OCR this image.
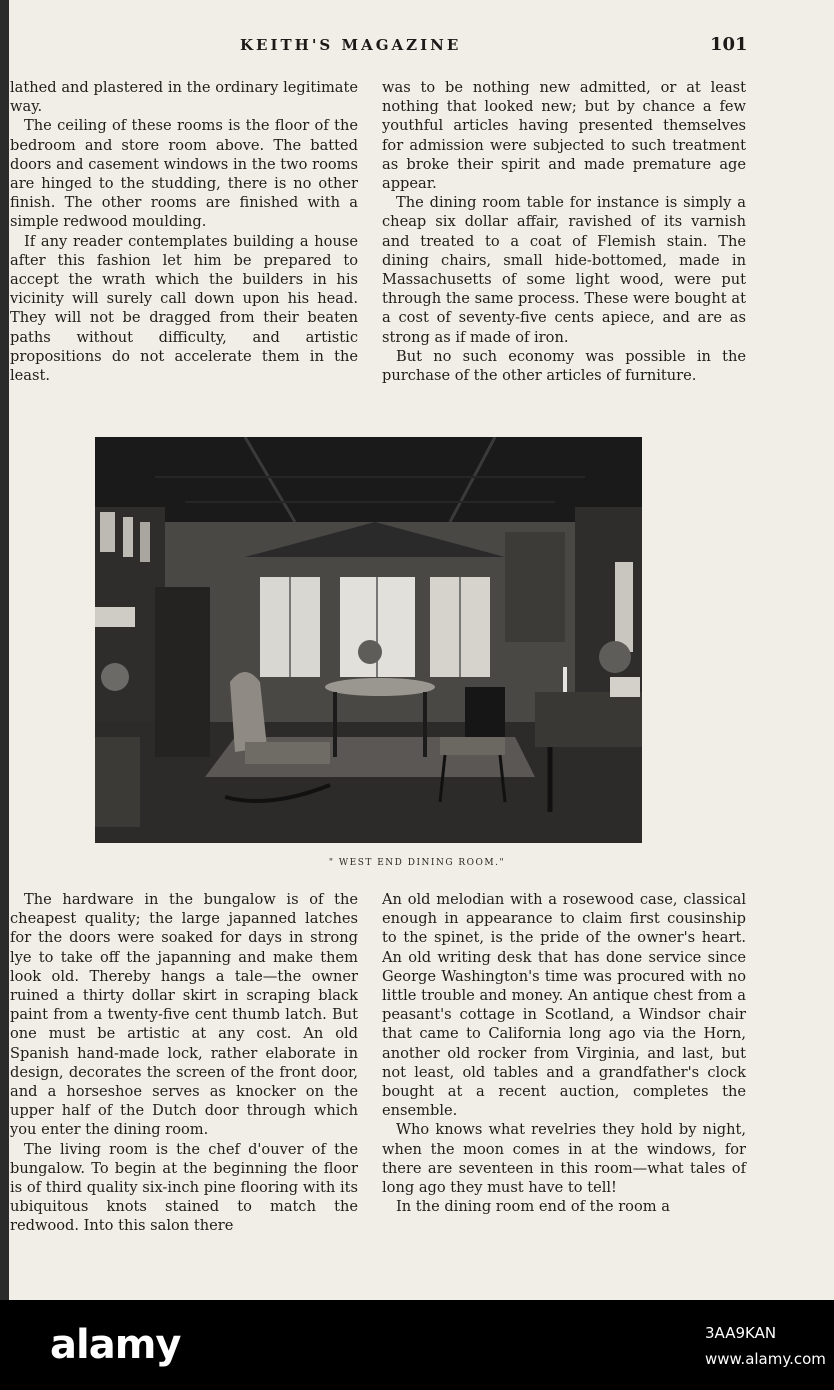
KEITH'S MAGAZINE	101

lathed and plastered in the ordinary legitimate way.

The ceiling of these rooms is the floor of the bedroom and store room above. The batted doors and casement windows in the two rooms are hinged to the studding, there is no other finish. The other rooms are finished with a simple redwood moulding.

If any reader contemplates building a house after this fashion let him be prepared to accept the wrath which the builders in his vicinity will surely call down upon his head. They will not be dragged from their beaten paths without difficulty, and artistic propositions do not accelerate them in the least.

was to be nothing new admitted, or at least nothing that looked new; but by chance a few youthful articles having presented themselves for admission were subjected to such treatment as broke their spirit and made premature age appear.

The dining room table for instance is simply a cheap six dollar affair, ravished of its varnish and treated to a coat of Flemish stain. The dining chairs, small hide-bottomed, made in Massachusetts of some light wood, were put through the same process. These were bought at a cost of seventy-five cents apiece, and are as strong as if made of iron.

But no such economy was possible in the purchase of the other articles of furniture.

" WEST END DINING ROOM."

The hardware in the bungalow is of the cheapest quality; the large japanned latches for the doors were soaked for days in strong lye to take off the japanning and make them look old. Thereby hangs a tale—the owner ruined a thirty dollar skirt in scraping black paint from a twenty-five cent thumb latch. But one must be artistic at any cost. An old Spanish hand-made lock, rather elaborate in design, decorates the screen of the front door, and a horseshoe serves as knocker on the upper half of the Dutch door through which you enter the dining room.

The living room is the chef d'ouver of the bungalow. To begin at the beginning the floor is of third quality six-inch pine flooring with its ubiquitous knots stained to match the redwood. Into this salon there

An old melodian with a rosewood case, classical enough in appearance to claim first cousinship to the spinet, is the pride of the owner's heart. An old writing desk that has done service since George Washington's time was procured with no little trouble and money. An antique chest from a peasant's cottage in Scotland, a Windsor chair that came to California long ago via the Horn, another old rocker from Virginia, and last, but not least, old tables and a grandfather's clock bought at a recent auction, completes the ensemble.

Who knows what revelries they hold by night, when the moon comes in at the windows, for there are seventeen in this room—what tales of long ago they must have to tell!

In the dining room end of the room a

alamy	3AA9KAN
www.alamy.com
